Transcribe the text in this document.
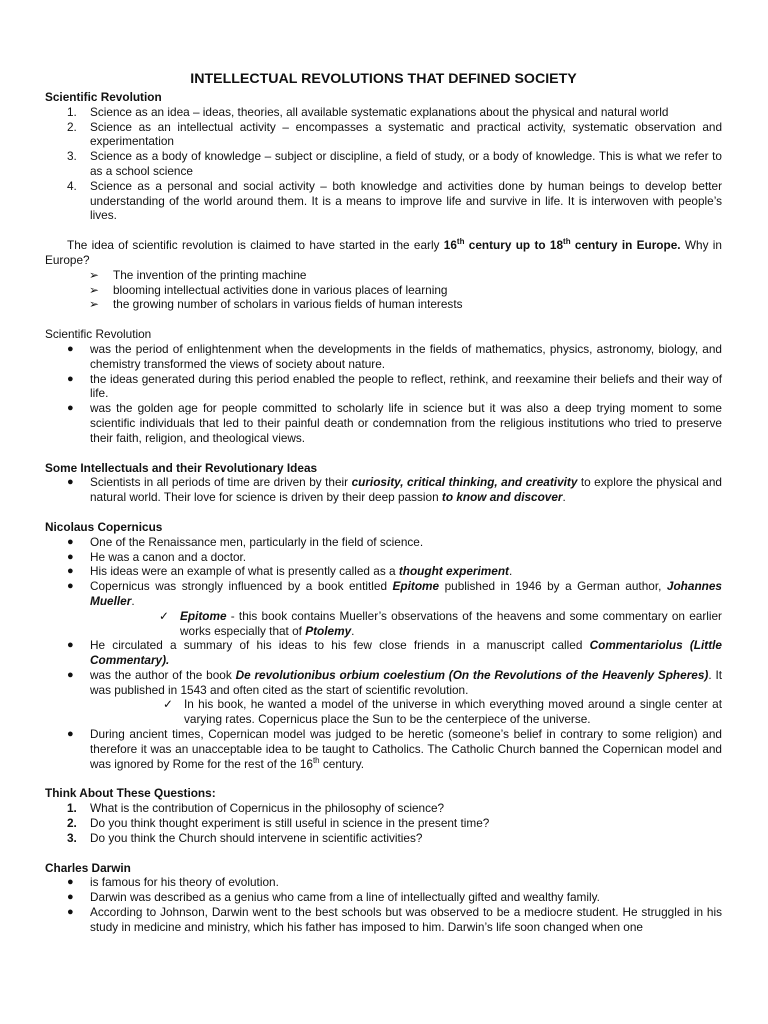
INTELLECTUAL REVOLUTIONS THAT DEFINED SOCIETY

Scientific Revolution

1. Science as an idea – ideas, theories, all available systematic explanations about the physical and natural world
2. Science as an intellectual activity – encompasses a systematic and practical activity, systematic observation and experimentation
3. Science as a body of knowledge – subject or discipline, a field of study, or a body of knowledge. This is what we refer to as a school science
4. Science as a personal and social activity – both knowledge and activities done by human beings to develop better understanding of the world around them. It is a means to improve life and survive in life. It is interwoven with people’s lives.

The idea of scientific revolution is claimed to have started in the early 16th century up to 18th century in Europe. Why in Europe?

➢ The invention of the printing machine
➢ blooming intellectual activities done in various places of learning
➢ the growing number of scholars in various fields of human interests

Scientific Revolution

● was the period of enlightenment when the developments in the fields of mathematics, physics, astronomy, biology, and chemistry transformed the views of society about nature.
● the ideas generated during this period enabled the people to reflect, rethink, and reexamine their beliefs and their way of life.
● was the golden age for people committed to scholarly life in science but it was also a deep trying moment to some scientific individuals that led to their painful death or condemnation from the religious institutions who tried to preserve their faith, religion, and theological views.

Some Intellectuals and their Revolutionary Ideas

● Scientists in all periods of time are driven by their curiosity, critical thinking, and creativity to explore the physical and natural world. Their love for science is driven by their deep passion to know and discover.

Nicolaus Copernicus

● One of the Renaissance men, particularly in the field of science.
● He was a canon and a doctor.
● His ideas were an example of what is presently called as a thought experiment.
● Copernicus was strongly influenced by a book entitled Epitome published in 1946 by a German author, Johannes Mueller.
✓ Epitome - this book contains Mueller’s observations of the heavens and some commentary on earlier works especially that of Ptolemy.
● He circulated a summary of his ideas to his few close friends in a manuscript called Commentariolus (Little Commentary).
● was the author of the book De revolutionibus orbium coelestium (On the Revolutions of the Heavenly Spheres). It was published in 1543 and often cited as the start of scientific revolution.
✓ In his book, he wanted a model of the universe in which everything moved around a single center at varying rates. Copernicus place the Sun to be the centerpiece of the universe.
● During ancient times, Copernican model was judged to be heretic (someone’s belief in contrary to some religion) and therefore it was an unacceptable idea to be taught to Catholics. The Catholic Church banned the Copernican model and was ignored by Rome for the rest of the 16th century.

Think About These Questions:

1. What is the contribution of Copernicus in the philosophy of science?
2. Do you think thought experiment is still useful in science in the present time?
3. Do you think the Church should intervene in scientific activities?

Charles Darwin

● is famous for his theory of evolution.
● Darwin was described as a genius who came from a line of intellectually gifted and wealthy family.
● According to Johnson, Darwin went to the best schools but was observed to be a mediocre student. He struggled in his study in medicine and ministry, which his father has imposed to him. Darwin’s life soon changed when one
